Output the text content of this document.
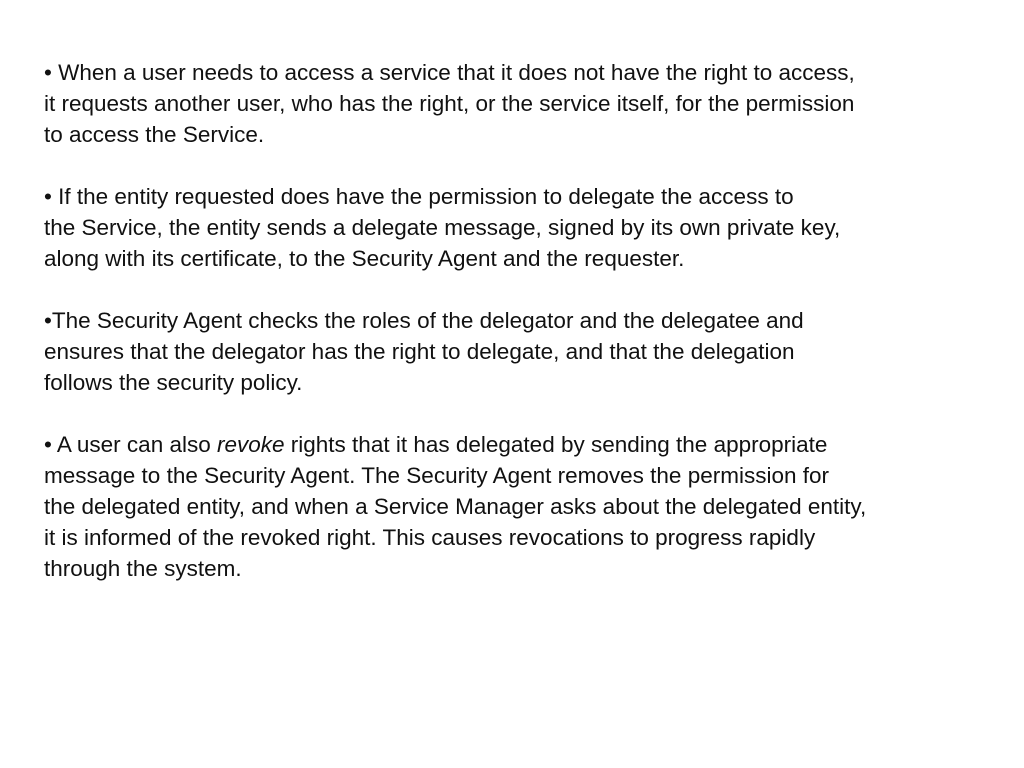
• When a user needs to access a service that it does not have the right to access,
it requests another user, who has the right, or the service itself, for the permission
to access the Service.

• If the entity requested does have the permission to delegate the access to
the Service, the entity sends a delegate message, signed by its own private key,
along with its certificate, to the Security Agent and the requester.

•The Security Agent checks the roles of the delegator and the delegatee and
ensures that the delegator has the right to delegate, and that the delegation
follows the security policy.

• A user can also revoke rights that it has delegated by sending the appropriate
message to the Security Agent. The Security Agent removes the permission for
the delegated entity, and when a Service Manager asks about the delegated entity,
it is informed of the revoked right. This causes revocations to progress rapidly
through the system.
